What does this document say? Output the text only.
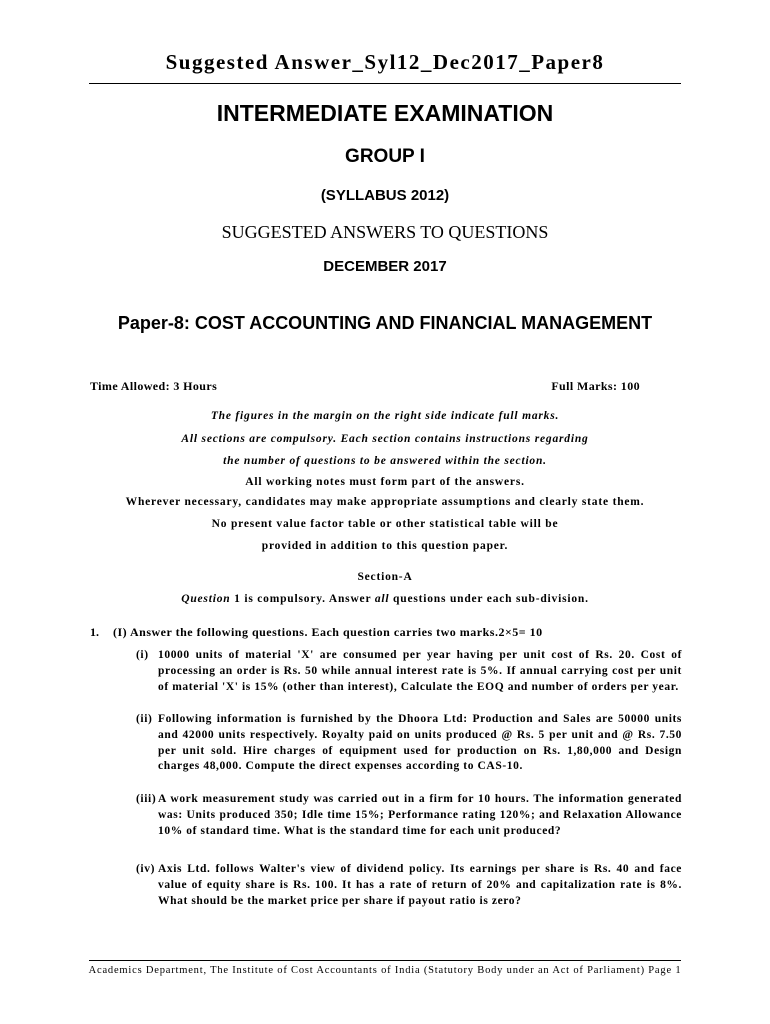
Suggested Answer_Syl12_Dec2017_Paper8
INTERMEDIATE EXAMINATION
GROUP I
(SYLLABUS 2012)
SUGGESTED ANSWERS TO QUESTIONS
DECEMBER 2017
Paper-8: COST ACCOUNTING AND FINANCIAL MANAGEMENT
Time Allowed: 3 Hours	Full Marks: 100
The figures in the margin on the right side indicate full marks.
All sections are compulsory. Each section contains instructions regarding
the number of questions to be answered within the section.
All working notes must form part of the answers.
Wherever necessary, candidates may make appropriate assumptions and clearly state them.
No present value factor table or other statistical table will be
provided in addition to this question paper.
Section-A
Question 1 is compulsory. Answer all questions under each sub-division.
1. (I) Answer the following questions. Each question carries two marks.2×5= 10
(i) 10000 units of material 'X' are consumed per year having per unit cost of Rs. 20. Cost of processing an order is Rs. 50 while annual interest rate is 5%. If annual carrying cost per unit of material 'X' is 15% (other than interest), Calculate the EOQ and number of orders per year.
(ii) Following information is furnished by the Dhoora Ltd: Production and Sales are 50000 units and 42000 units respectively. Royalty paid on units produced @ Rs. 5 per unit and @ Rs. 7.50 per unit sold. Hire charges of equipment used for production on Rs. 1,80,000 and Design charges 48,000. Compute the direct expenses according to CAS-10.
(iii) A work measurement study was carried out in a firm for 10 hours. The information generated was: Units produced 350; Idle time 15%; Performance rating 120%; and Relaxation Allowance 10% of standard time. What is the standard time for each unit produced?
(iv) Axis Ltd. follows Walter's view of dividend policy. Its earnings per share is Rs. 40 and face value of equity share is Rs. 100. It has a rate of return of 20% and capitalization rate is 8%. What should be the market price per share if payout ratio is zero?
Academics Department, The Institute of Cost Accountants of India (Statutory Body under an Act of Parliament) Page 1
